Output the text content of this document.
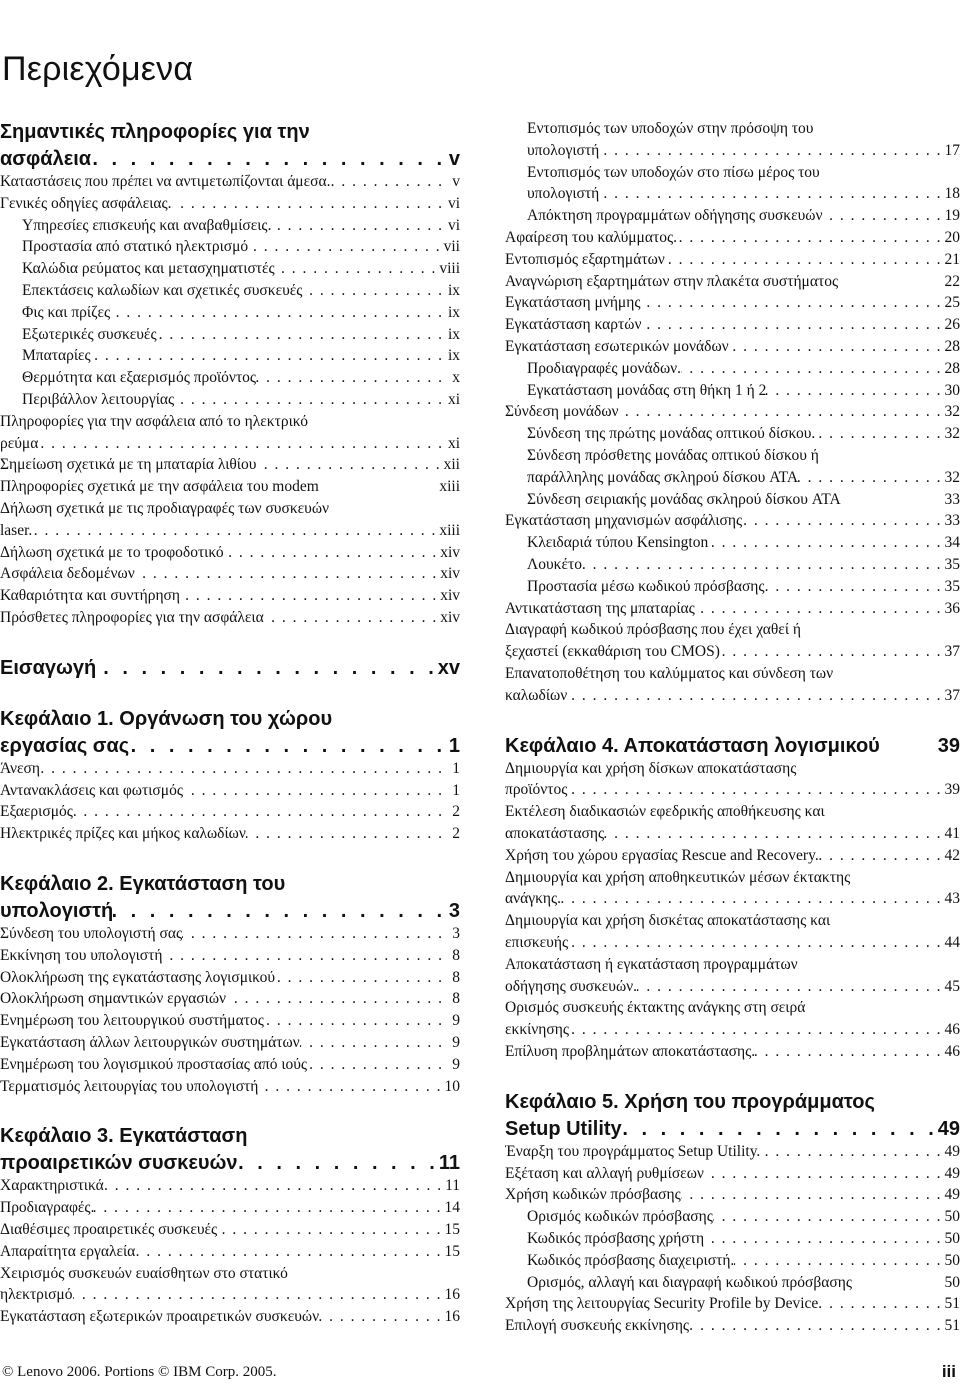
Περιεχόμενα
Σημαντικές πληροφορίες για την
ασφάλεια . . .	v
Καταστάσεις που πρέπει να αντιμετωπίζονται άμεσα. . . .	v
Γενικές οδηγίες ασφάλειας. . . .	vi
Υπηρεσίες επισκευής και αναβαθμίσεις. . . .	vi
Προστασία από στατικό ηλεκτρισμό . . .	vii
Καλώδια ρεύματος και μετασχηματιστές . . .	viii
Επεκτάσεις καλωδίων και σχετικές συσκευές . . .	ix
Φις και πρίζες . . .	ix
Εξωτερικές συσκευές . . .	ix
Μπαταρίες . . .	ix
Θερμότητα και εξαερισμός προϊόντος . . .	x
Περιβάλλον λειτουργίας . . .	xi
Πληροφορίες για την ασφάλεια από το ηλεκτρικό
ρεύμα . . .	xi
Σημείωση σχετικά με τη μπαταρία λιθίου . . .	xii
Πληροφορίες σχετικά με την ασφάλεια του modem	xiii
Δήλωση σχετικά με τις προδιαγραφές των συσκευών
laser. . . .	xiii
Δήλωση σχετικά με το τροφοδοτικό . . .	xiv
Ασφάλεια δεδομένων . . .	xiv
Καθαριότητα και συντήρηση . . .	xiv
Πρόσθετες πληροφορίες για την ασφάλεια . . .	xiv
Εισαγωγή . . .	xv
Κεφάλαιο 1. Οργάνωση του χώρου
εργασίας σας . . .	1
Άνεση . . .	1
Αντανακλάσεις και φωτισμός . . .	1
Εξαερισμός. . . .	2
Ηλεκτρικές πρίζες και μήκος καλωδίων . . .	2
Κεφάλαιο 2. Εγκατάσταση του
υπολογιστή . . .	3
Σύνδεση του υπολογιστή σας . . .	3
Εκκίνηση του υπολογιστή . . .	8
Ολοκλήρωση της εγκατάστασης λογισμικού . . .	8
Ολοκλήρωση σημαντικών εργασιών . . .	8
Ενημέρωση του λειτουργικού συστήματος . . .	9
Εγκατάσταση άλλων λειτουργικών συστημάτων . . .	9
Ενημέρωση του λογισμικού προστασίας από ιούς . . .	9
Τερματισμός λειτουργίας του υπολογιστή . . .	10
Κεφάλαιο 3. Εγκατάσταση
προαιρετικών συσκευών . . .	11
Χαρακτηριστικά . . .	11
Προδιαγραφές. . . .	14
Διαθέσιμες προαιρετικές συσκευές . . .	15
Απαραίτητα εργαλεία . . .	15
Χειρισμός συσκευών ευαίσθητων στο στατικό
ηλεκτρισμό . . .	16
Εγκατάσταση εξωτερικών προαιρετικών συσκευών . . .	16
Εντοπισμός των υποδοχών στην πρόσοψη του
υπολογιστή . . .	17
Εντοπισμός των υποδοχών στο πίσω μέρος του
υπολογιστή . . .	18
Απόκτηση προγραμμάτων οδήγησης συσκευών . . .	19
Αφαίρεση του καλύμματος. . . .	20
Εντοπισμός εξαρτημάτων . . .	21
Αναγνώριση εξαρτημάτων στην πλακέτα συστήματος	22
Εγκατάσταση μνήμης . . .	25
Εγκατάσταση καρτών . . .	26
Εγκατάσταση εσωτερικών μονάδων . . .	28
Προδιαγραφές μονάδων. . . .	28
Εγκατάσταση μονάδας στη θήκη 1 ή 2 . . .	30
Σύνδεση μονάδων . . .	32
Σύνδεση της πρώτης μονάδας οπτικού δίσκου. . . .	32
Σύνδεση πρόσθετης μονάδας οπτικού δίσκου ή
παράλληλης μονάδας σκληρού δίσκου ATA . . .	32
Σύνδεση σειριακής μονάδας σκληρού δίσκου ATA	33
Εγκατάσταση μηχανισμών ασφάλισης . . .	33
Κλειδαριά τύπου Kensington . . .	34
Λουκέτο . . .	35
Προστασία μέσω κωδικού πρόσβασης . . .	35
Αντικατάσταση της μπαταρίας . . .	36
Διαγραφή κωδικού πρόσβασης που έχει χαθεί ή
ξεχαστεί (εκκαθάριση του CMOS) . . .	37
Επανατοποθέτηση του καλύμματος και σύνδεση των
καλωδίων . . .	37
Κεφάλαιο 4. Αποκατάσταση λογισμικού	39
Δημιουργία και χρήση δίσκων αποκατάστασης
προϊόντος . . .	39
Εκτέλεση διαδικασιών εφεδρικής αποθήκευσης και
αποκατάστασης . . .	41
Χρήση του χώρου εργασίας Rescue and Recovery. . . .	42
Δημιουργία και χρήση αποθηκευτικών μέσων έκτακτης
ανάγκης. . . .	43
Δημιουργία και χρήση δισκέτας αποκατάστασης και
επισκευής . . .	44
Αποκατάσταση ή εγκατάσταση προγραμμάτων
οδήγησης συσκευών. . . .	45
Ορισμός συσκευής έκτακτης ανάγκης στη σειρά
εκκίνησης . . .	46
Επίλυση προβλημάτων αποκατάστασης. . . .	46
Κεφάλαιο 5. Χρήση του προγράμματος
Setup Utility . . .	49
Έναρξη του προγράμματος Setup Utility. . . .	49
Εξέταση και αλλαγή ρυθμίσεων . . .	49
Χρήση κωδικών πρόσβασης . . .	49
Ορισμός κωδικών πρόσβασης . . .	50
Κωδικός πρόσβασης χρήστη . . .	50
Κωδικός πρόσβασης διαχειριστή. . . .	50
Ορισμός, αλλαγή και διαγραφή κωδικού πρόσβασης	50
Χρήση της λειτουργίας Security Profile by Device. . . .	51
Επιλογή συσκευής εκκίνησης. . . .	51
© Lenovo 2006. Portions © IBM Corp. 2005.	iii
